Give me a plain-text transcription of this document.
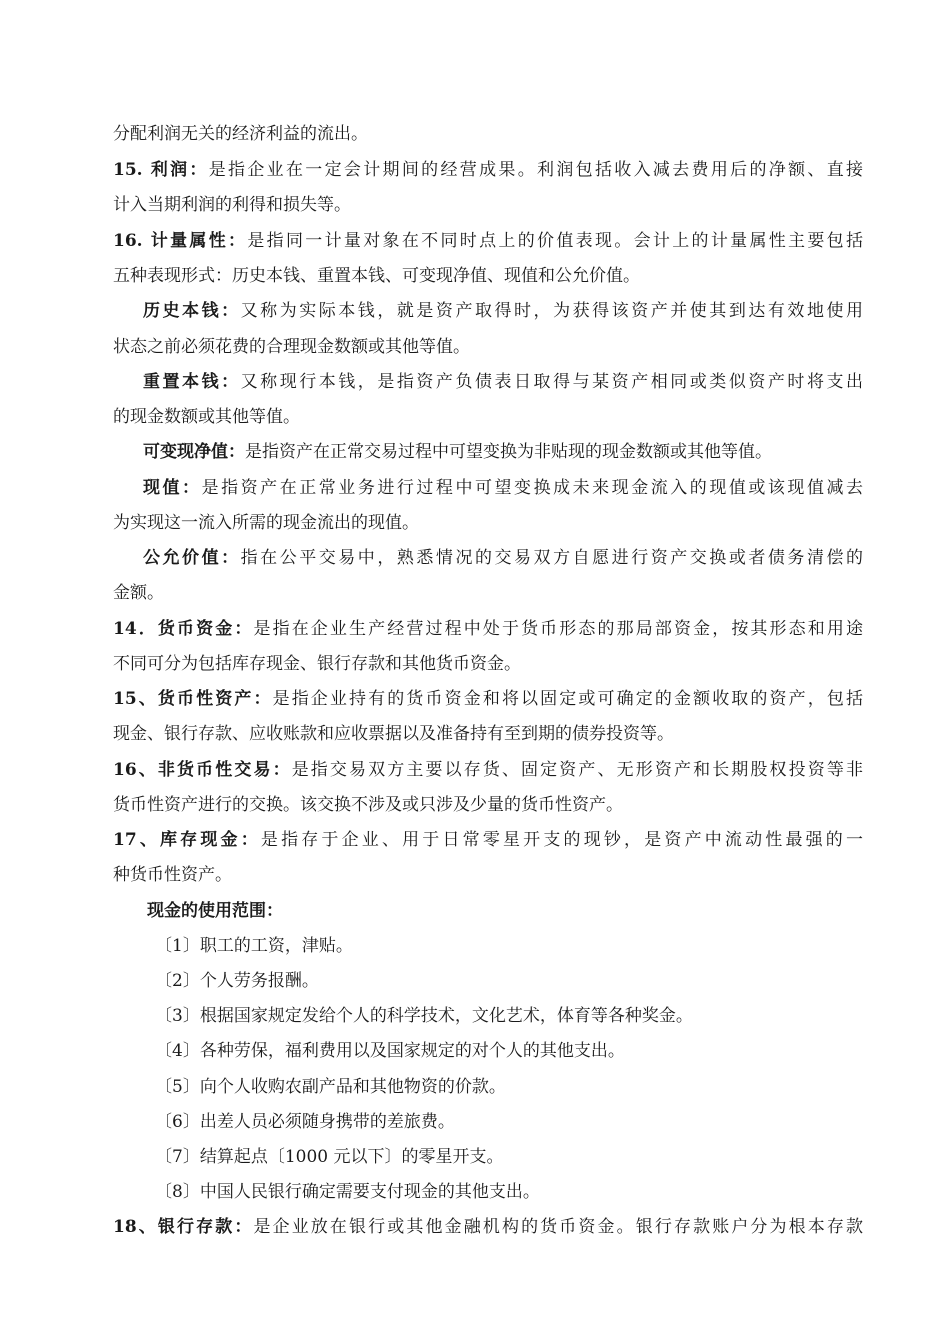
分配利润无关的经济利益的流出。
15. 利润：是指企业在一定会计期间的经营成果。利润包括收入减去费用后的净额、直接
计入当期利润的利得和损失等。
16. 计量属性：是指同一计量对象在不同时点上的价值表现。会计上的计量属性主要包括
五种表现形式：历史本钱、重置本钱、可变现净值、现值和公允价值。
历史本钱：又称为实际本钱，就是资产取得时，为获得该资产并使其到达有效地使用
状态之前必须花费的合理现金数额或其他等值。
重置本钱：又称现行本钱，是指资产负债表日取得与某资产相同或类似资产时将支出
的现金数额或其他等值。
可变现净值：是指资产在正常交易过程中可望变换为非贴现的现金数额或其他等值。
现值：是指资产在正常业务进行过程中可望变换成未来现金流入的现值或该现值减去
为实现这一流入所需的现金流出的现值。
公允价值：指在公平交易中，熟悉情况的交易双方自愿进行资产交换或者债务清偿的
金额。
14．货币资金：是指在企业生产经营过程中处于货币形态的那局部资金，按其形态和用途
不同可分为包括库存现金、银行存款和其他货币资金。
15、货币性资产：是指企业持有的货币资金和将以固定或可确定的金额收取的资产，包括
现金、银行存款、应收账款和应收票据以及准备持有至到期的债券投资等。
16、非货币性交易：是指交易双方主要以存货、固定资产、无形资产和长期股权投资等非
货币性资产进行的交换。该交换不涉及或只涉及少量的货币性资产。
17、库存现金：是指存于企业、用于日常零星开支的现钞，是资产中流动性最强的一
种货币性资产。
现金的使用范围：
〔1〕职工的工资，津贴。
〔2〕个人劳务报酬。
〔3〕根据国家规定发给个人的科学技术，文化艺术，体育等各种奖金。
〔4〕各种劳保，福利费用以及国家规定的对个人的其他支出。
〔5〕向个人收购农副产品和其他物资的价款。
〔6〕出差人员必须随身携带的差旅费。
〔7〕结算起点〔1000 元以下〕的零星开支。
〔8〕中国人民银行确定需要支付现金的其他支出。
18、银行存款：是企业放在银行或其他金融机构的货币资金。银行存款账户分为根本存款
